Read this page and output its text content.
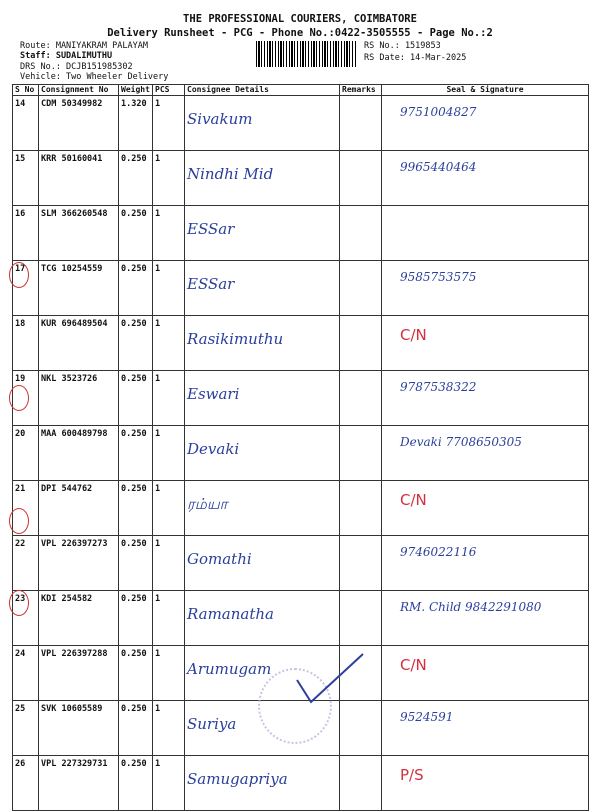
THE PROFESSIONAL COURIERS, COIMBATORE
Delivery Runsheet - PCG - Phone No.:0422-3505555 - Page No.:2
Route: MANIYAKRAM PALAYAM
Staff: SUDALIMUTHU
DRS No.: DCJB151985302
Vehicle: Two Wheeler Delivery
RS No.: 1519853
RS Date: 14-Mar-2025
S No	Consignment No	Weight	PCS	Consignee Details	Remarks	Seal & Signature
14	CDM 50349982	1.320	1	Sivakum		9751004827
15	KRR 50160041	0.250	1	Nindhi Mid		9965440464
16	SLM 366260548	0.250	1	ESSar		
17	TCG 10254559	0.250	1	ESSar		9585753575
18	KUR 696489504	0.250	1	Rasikimuthu		C/N
19	NKL 3523726	0.250	1	Eswari		9787538322
20	MAA 600489798	0.250	1	Devaki		Devaki 7708650305
21	DPI 544762	0.250	1	ரம்யா		C/N
22	VPL 226397273	0.250	1	Gomathi		9746022116
23	KDI 254582	0.250	1	Ramanatha		RM. Child 9842291080
24	VPL 226397288	0.250	1	Arumugam		C/N
25	SVK 10605589	0.250	1	Suriya		9524591
26	VPL 227329731	0.250	1	Samugapriya		P/S
